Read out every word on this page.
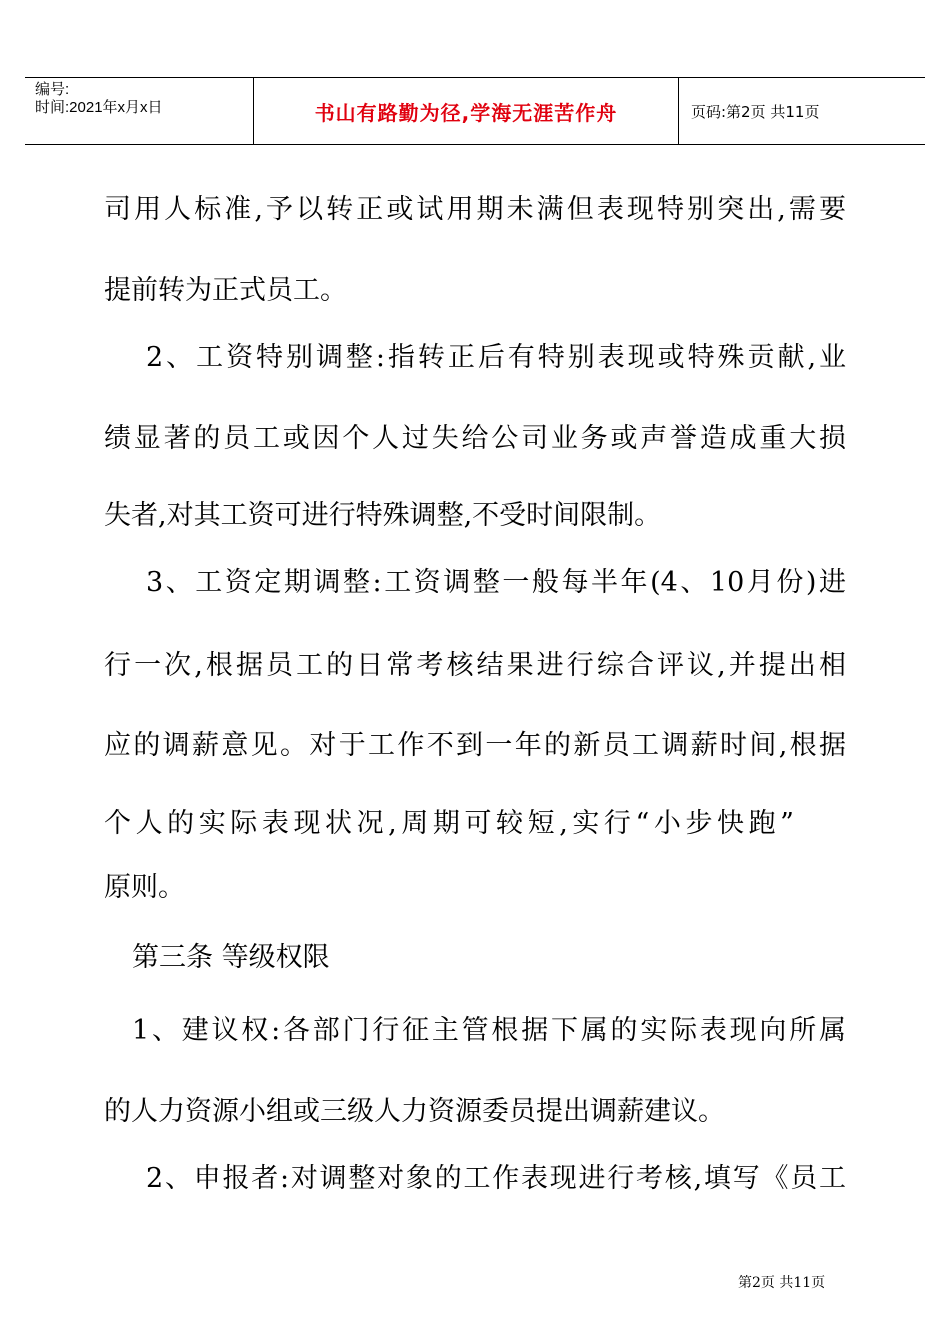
编号:
时间:2021年x月x日	书山有路勤为径,学海无涯苦作舟	页码:第2页 共11页
司用人标准,予以转正或试用期未满但表现特别突出,需要
提前转为正式员工。
2、工资特别调整:指转正后有特别表现或特殊贡献,业
绩显著的员工或因个人过失给公司业务或声誉造成重大损
失者,对其工资可进行特殊调整,不受时间限制。
3、工资定期调整:工资调整一般每半年(4、10月份)进
行一次,根据员工的日常考核结果进行综合评议,并提出相
应的调薪意见。对于工作不到一年的新员工调薪时间,根据
个人的实际表现状况,周期可较短,实行“小步快跑”
原则。
第三条 等级权限
1、建议权:各部门行征主管根据下属的实际表现向所属
的人力资源小组或三级人力资源委员提出调薪建议。
2、申报者:对调整对象的工作表现进行考核,填写《员工
第2页 共11页
